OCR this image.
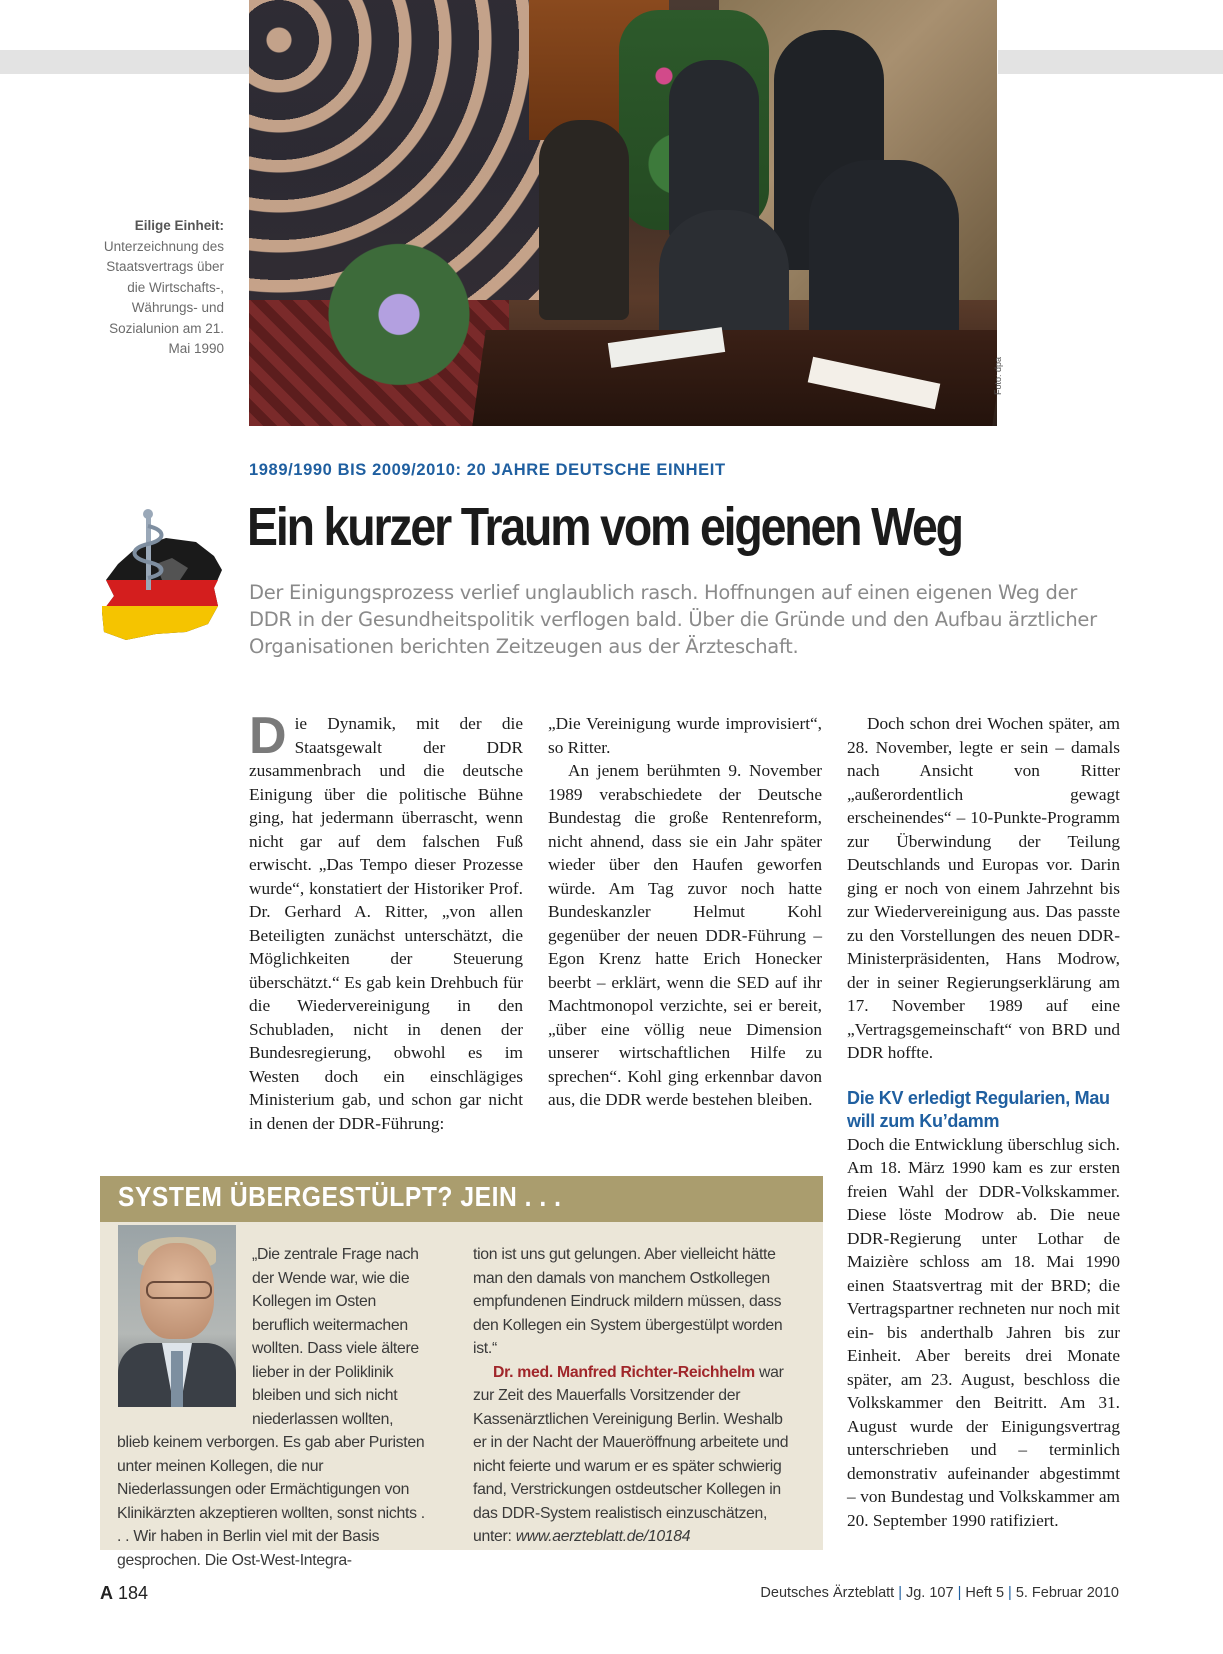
Foto: dpa
Eilige Einheit:
Unterzeichnung des Staatsvertrags über die Wirtschafts-, Währungs- und Sozialunion am 21. Mai 1990
1989/1990 BIS 2009/2010: 20 JAHRE DEUTSCHE EINHEIT
Ein kurzer Traum vom eigenen Weg
Der Einigungsprozess verlief unglaublich rasch. Hoffnungen auf einen eigenen Weg der DDR in der Gesundheitspolitik verflogen bald. Über die Gründe und den Aufbau ärztlicher Organisationen berichten Zeitzeugen aus der Ärzteschaft.

Die Dynamik, mit der die Staatsgewalt der DDR zusammenbrach und die deutsche Einigung über die politische Bühne ging, hat jedermann überrascht, wenn nicht gar auf dem falschen Fuß erwischt. „Das Tempo dieser Prozesse wurde“, konstatiert der Historiker Prof. Dr. Gerhard A. Ritter, „von allen Beteiligten zunächst unterschätzt, die Möglichkeiten der Steuerung überschätzt.“ Es gab kein Drehbuch für die Wiedervereinigung in den Schubladen, nicht in denen der Bundesregierung, obwohl es im Westen doch ein einschlägiges Ministerium gab, und schon gar nicht in denen der DDR-Führung:

„Die Vereinigung wurde improvisiert“, so Ritter.

An jenem berühmten 9. November 1989 verabschiedete der Deutsche Bundestag die große Rentenreform, nicht ahnend, dass sie ein Jahr später wieder über den Haufen geworfen würde. Am Tag zuvor noch hatte Bundeskanzler Helmut Kohl gegenüber der neuen DDR-Führung – Egon Krenz hatte Erich Honecker beerbt – erklärt, wenn die SED auf ihr Machtmonopol verzichte, sei er bereit, „über eine völlig neue Dimension unserer wirtschaftlichen Hilfe zu sprechen“. Kohl ging erkennbar davon aus, die DDR werde bestehen bleiben.

Doch schon drei Wochen später, am 28. November, legte er sein – damals nach Ansicht von Ritter „außerordentlich gewagt erscheinendes“ – 10-Punkte-Programm zur Überwindung der Teilung Deutschlands und Europas vor. Darin ging er noch von einem Jahrzehnt bis zur Wiedervereinigung aus. Das passte zu den Vorstellungen des neuen DDR-Ministerpräsidenten, Hans Modrow, der in seiner Regierungserklärung am 17. November 1989 auf eine „Vertragsgemeinschaft“ von BRD und DDR hoffte.

Die KV erledigt Regularien, Mau will zum Ku’damm

Doch die Entwicklung überschlug sich. Am 18. März 1990 kam es zur ersten freien Wahl der DDR-Volkskammer. Diese löste Modrow ab. Die neue DDR-Regierung unter Lothar de Maizière schloss am 18. Mai 1990 einen Staatsvertrag mit der BRD; die Vertragspartner rechneten nur noch mit ein- bis anderthalb Jahren bis zur Einheit. Aber bereits drei Monate später, am 23. August, beschloss die Volkskammer den Beitritt. Am 31. August wurde der Einigungsvertrag unterschrieben und – terminlich demonstrativ aufeinander abgestimmt – von Bundestag und Volkskammer am 20. September 1990 ratifiziert.

SYSTEM ÜBERGESTÜLPT? JEIN . . .
„Die zentrale Frage nach der Wende war, wie die Kollegen im Osten beruflich weitermachen wollten. Dass viele ältere lieber in der Poliklinik bleiben und sich nicht niederlassen wollten, blieb keinem verborgen. Es gab aber Puristen unter meinen Kollegen, die nur Niederlassungen oder Ermächtigungen von Klinikärzten akzeptieren wollten, sonst nichts . . . Wir haben in Berlin viel mit der Basis gesprochen. Die Ost-West-Integra-
tion ist uns gut gelungen. Aber vielleicht hätte man den damals von manchem Ostkollegen empfundenen Eindruck mildern müssen, dass den Kollegen ein System übergestülpt worden ist.“
Dr. med. Manfred Richter-Reichhelm war zur Zeit des Mauerfalls Vorsitzender der Kassenärztlichen Vereinigung Berlin. Weshalb er in der Nacht der Maueröffnung arbeitete und nicht feierte und warum er es später schwierig fand, Verstrickungen ostdeutscher Kollegen in das DDR-System realistisch einzuschätzen, unter: www.aerzteblatt.de/10184
A 184	Deutsches Ärzteblatt | Jg. 107 | Heft 5 | 5. Februar 2010
